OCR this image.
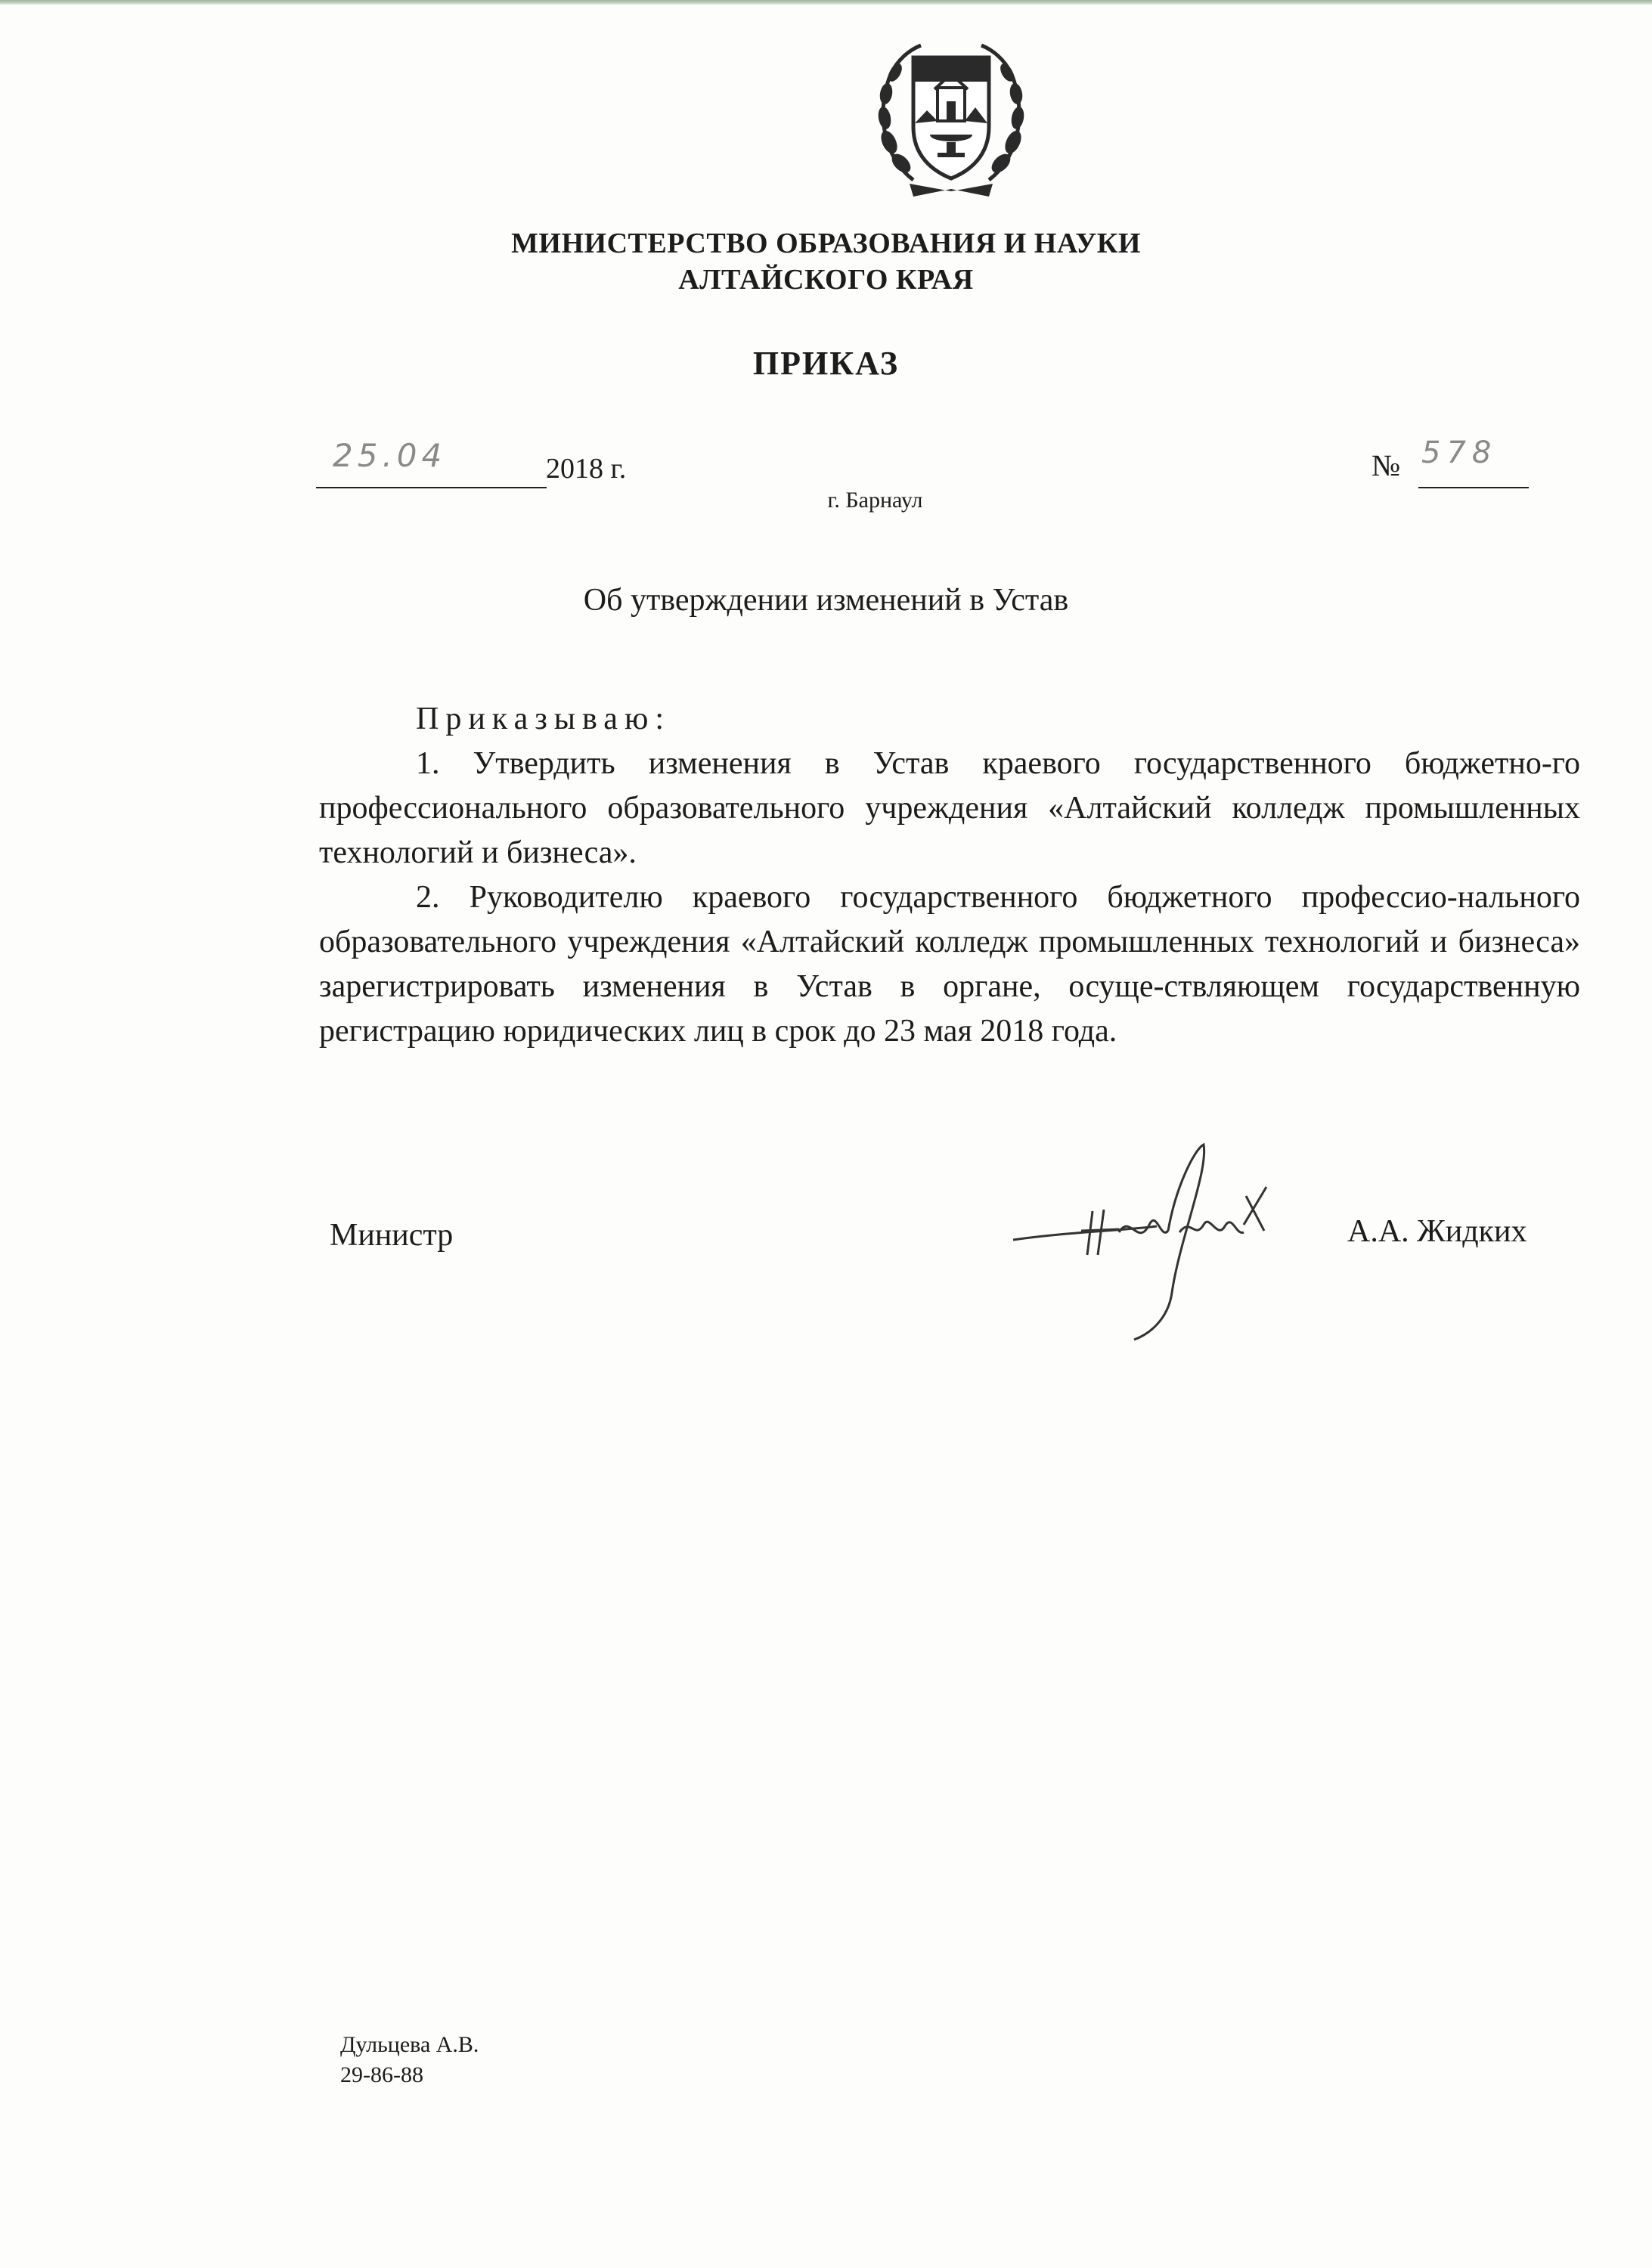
МИНИСТЕРСТВО ОБРАЗОВАНИЯ И НАУКИ
АЛТАЙСКОГО КРАЯ
ПРИКАЗ
25.04	2018 г.	№ 578
г. Барнаул
Об утверждении изменений в Устав
Приказываю:

1. Утвердить изменения в Устав краевого государственного бюджетно-го профессионального образовательного учреждения «Алтайский колледж промышленных технологий и бизнеса».

2. Руководителю краевого государственного бюджетного профессио-нального образовательного учреждения «Алтайский колледж промышленных технологий и бизнеса» зарегистрировать изменения в Устав в органе, осуще-ствляющем государственную регистрацию юридических лиц в срок до 23 мая 2018 года.

Министр	А.А. Жидких
Дульцева А.В.
29-86-88
